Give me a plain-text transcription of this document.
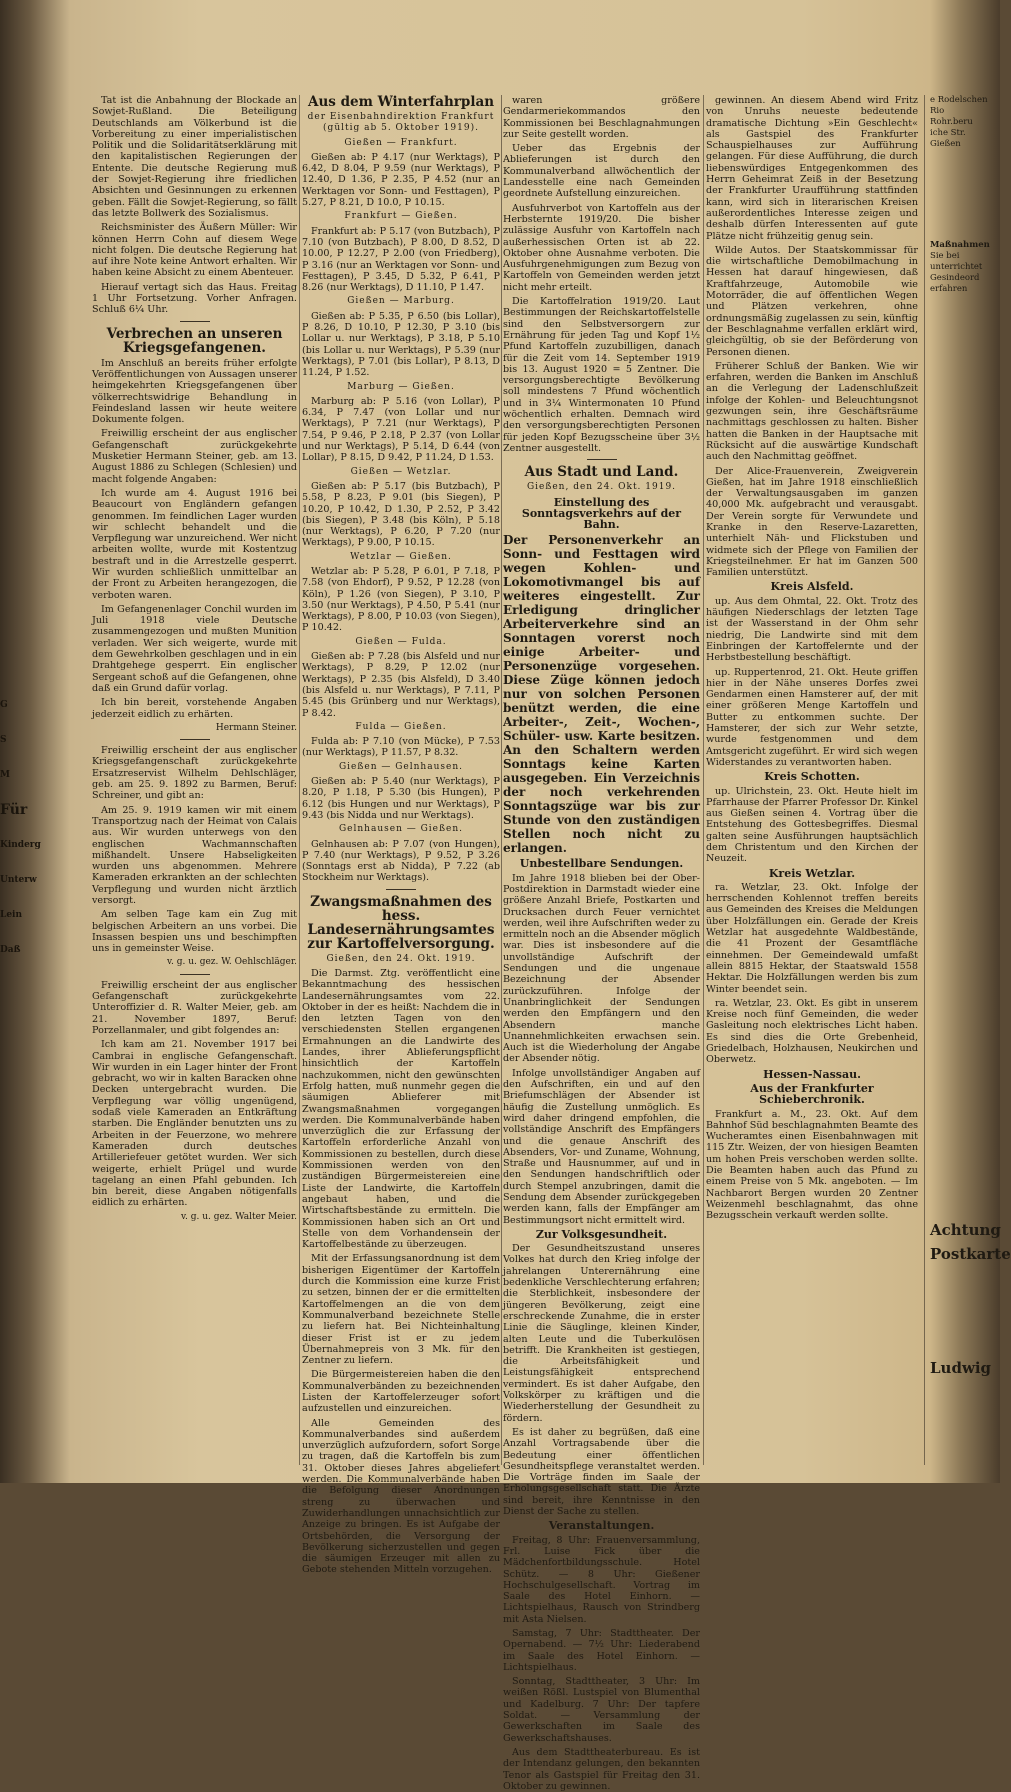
G
S
M
Für
Kinderg
Unterw
Lein
Daß

Tat ist die Anbahnung der Blockade an Sowjet-Rußland. Die Beteiligung Deutschlands am Völkerbund ist die Vorbereitung zu einer imperialistischen Politik und die Solidaritätserklärung mit den kapitalistischen Regierungen der Entente. Die deutsche Regierung muß der Sowjet-Regierung ihre friedlichen Absichten und Gesinnungen zu erkennen geben. Fällt die Sowjet-Regierung, so fällt das letzte Bollwerk des Sozialismus.

Reichsminister des Äußern Müller: Wir können Herrn Cohn auf diesem Wege nicht folgen. Die deutsche Regierung hat auf ihre Note keine Antwort erhalten. Wir haben keine Absicht zu einem Abenteuer.

Hierauf vertagt sich das Haus. Freitag 1 Uhr Fortsetzung. Vorher Anfragen. Schluß 6¼ Uhr.

Verbrechen an unseren Kriegsgefangenen.

Im Anschluß an bereits früher erfolgte Veröffentlichungen von Aussagen unserer heimgekehrten Kriegsgefangenen über völkerrechtswidrige Behandlung in Feindesland lassen wir heute weitere Dokumente folgen.

Freiwillig erscheint der aus englischer Gefangenschaft zurückgekehrte Musketier Hermann Steiner, geb. am 13. August 1886 zu Schlegen (Schlesien) und macht folgende Angaben:

Ich wurde am 4. August 1916 bei Beaucourt von Engländern gefangen genommen. Im feindlichen Lager wurden wir schlecht behandelt und die Verpflegung war unzureichend. Wer nicht arbeiten wollte, wurde mit Kostentzug bestraft und in die Arrestzelle gesperrt. Wir wurden schließlich unmittelbar an der Front zu Arbeiten herangezogen, die verboten waren.

Im Gefangenenlager Conchil wurden im Juli 1918 viele Deutsche zusammengezogen und mußten Munition verladen. Wer sich weigerte, wurde mit dem Gewehrkolben geschlagen und in ein Drahtgehege gesperrt. Ein englischer Sergeant schoß auf die Gefangenen, ohne daß ein Grund dafür vorlag.

Ich bin bereit, vorstehende Angaben jederzeit eidlich zu erhärten.

Hermann Steiner.

Freiwillig erscheint der aus englischer Kriegsgefangenschaft zurückgekehrte Ersatzreservist Wilhelm Dehlschläger, geb. am 25. 9. 1892 zu Barmen, Beruf: Schreiner, und gibt an:

Am 25. 9. 1919 kamen wir mit einem Transportzug nach der Heimat von Calais aus. Wir wurden unterwegs von den englischen Wachmannschaften mißhandelt. Unsere Habseligkeiten wurden uns abgenommen. Mehrere Kameraden erkrankten an der schlechten Verpflegung und wurden nicht ärztlich versorgt.

Am selben Tage kam ein Zug mit belgischen Arbeitern an uns vorbei. Die Insassen bespien uns und beschimpften uns in gemeinster Weise.

v. g. u. gez. W. Oehlschläger.

Freiwillig erscheint der aus englischer Gefangenschaft zurückgekehrte Unteroffizier d. R. Walter Meier, geb. am 21. November 1897, Beruf: Porzellanmaler, und gibt folgendes an:

Ich kam am 21. November 1917 bei Cambrai in englische Gefangenschaft. Wir wurden in ein Lager hinter der Front gebracht, wo wir in kalten Baracken ohne Decken untergebracht wurden. Die Verpflegung war völlig ungenügend, sodaß viele Kameraden an Entkräftung starben. Die Engländer benutzten uns zu Arbeiten in der Feuerzone, wo mehrere Kameraden durch deutsches Artilleriefeuer getötet wurden. Wer sich weigerte, erhielt Prügel und wurde tagelang an einen Pfahl gebunden. Ich bin bereit, diese Angaben nötigenfalls eidlich zu erhärten.

v. g. u. gez. Walter Meier.

Aus dem Winterfahrplan

der Eisenbahndirektion Frankfurt (gültig ab 5. Oktober 1919).

Gießen — Frankfurt.

Gießen ab: P 4.17 (nur Werktags), P 6.42, D 8.04, P 9.59 (nur Werktags), P 12.40, D 1.36, P 2.35, P 4.52 (nur an Werktagen vor Sonn- und Festtagen), P 5.27, P 8.21, D 10.0, P 10.15.

Frankfurt — Gießen.

Frankfurt ab: P 5.17 (von Butzbach), P 7.10 (von Butzbach), P 8.00, D 8.52, D 10.00, P 12.27, P 2.00 (von Friedberg), P 3.16 (nur an Werktagen vor Sonn- und Festtagen), P 3.45, D 5.32, P 6.41, P 8.26 (nur Werktags), D 11.10, P 1.47.

Gießen — Marburg.

Gießen ab: P 5.35, P 6.50 (bis Lollar), P 8.26, D 10.10, P 12.30, P 3.10 (bis Lollar u. nur Werktags), P 3.18, P 5.10 (bis Lollar u. nur Werktags), P 5.39 (nur Werktags), P 7.01 (bis Lollar), P 8.13, D 11.24, P 1.52.

Marburg — Gießen.

Marburg ab: P 5.16 (von Lollar), P 6.34, P 7.47 (von Lollar und nur Werktags), P 7.21 (nur Werktags), P 7.54, P 9.46, P 2.18, P 2.37 (von Lollar und nur Werktags), P 5.14, D 6.44 (von Lollar), P 8.15, D 9.42, P 11.24, D 1.53.

Gießen — Wetzlar.

Gießen ab: P 5.17 (bis Butzbach), P 5.58, P 8.23, P 9.01 (bis Siegen), P 10.20, P 10.42, D 1.30, P 2.52, P 3.42 (bis Siegen), P 3.48 (bis Köln), P 5.18 (nur Werktags), P 6.20, P 7.20 (nur Werktags), P 9.00, P 10.15.

Wetzlar — Gießen.

Wetzlar ab: P 5.28, P 6.01, P 7.18, P 7.58 (von Ehdorf), P 9.52, P 12.28 (von Köln), P 1.26 (von Siegen), P 3.10, P 3.50 (nur Werktags), P 4.50, P 5.41 (nur Werktags), P 8.00, P 10.03 (von Siegen), P 10.42.

Gießen — Fulda.

Gießen ab: P 7.28 (bis Alsfeld und nur Werktags), P 8.29, P 12.02 (nur Werktags), P 2.35 (bis Alsfeld), D 3.40 (bis Alsfeld u. nur Werktags), P 7.11, P 5.45 (bis Grünberg und nur Werktags), P 8.42.

Fulda — Gießen.

Fulda ab: P 7.10 (von Mücke), P 7.53 (nur Werktags), P 11.57, P 8.32.

Gießen — Gelnhausen.

Gießen ab: P 5.40 (nur Werktags), P 8.20, P 1.18, P 5.30 (bis Hungen), P 6.12 (bis Hungen und nur Werktags), P 9.43 (bis Nidda und nur Werktags).

Gelnhausen — Gießen.

Gelnhausen ab: P 7.07 (von Hungen), P 7.40 (nur Werktags), P 9.52, P 3.26 (Sonntags erst ab Nidda), P 7.22 (ab Stockheim nur Werktags).

Zwangsmaßnahmen des hess. Landesernährungsamtes zur Kartoffelversorgung.

Gießen, den 24. Okt. 1919.

Die Darmst. Ztg. veröffentlicht eine Bekanntmachung des hessischen Landesernährungsamtes vom 22. Oktober in der es heißt: Nachdem die in den letzten Tagen von den verschiedensten Stellen ergangenen Ermahnungen an die Landwirte des Landes, ihrer Ablieferungspflicht hinsichtlich der Kartoffeln nachzukommen, nicht den gewünschten Erfolg hatten, muß nunmehr gegen die säumigen Ablieferer mit Zwangsmaßnahmen vorgegangen werden. Die Kommunalverbände haben unverzüglich die zur Erfassung der Kartoffeln erforderliche Anzahl von Kommissionen zu bestellen, durch diese Kommissionen werden von den zuständigen Bürgermeistereien eine Liste der Landwirte, die Kartoffeln angebaut haben, und die Wirtschaftsbestände zu ermitteln. Die Kommissionen haben sich an Ort und Stelle von dem Vorhandensein der Kartoffelbestände zu überzeugen.

Mit der Erfassungsanordnung ist dem bisherigen Eigentümer der Kartoffeln durch die Kommission eine kurze Frist zu setzen, binnen der er die ermittelten Kartoffelmengen an die von dem Kommunalverband bezeichnete Stelle zu liefern hat. Bei Nichteinhaltung dieser Frist ist er zu jedem Übernahmepreis von 3 Mk. für den Zentner zu liefern.

Die Bürgermeistereien haben die den Kommunalverbänden zu bezeichnenden Listen der Kartoffelerzeuger sofort aufzustellen und einzureichen.

Alle Gemeinden des Kommunalverbandes sind außerdem unverzüglich aufzufordern, sofort Sorge zu tragen, daß die Kartoffeln bis zum 31. Oktober dieses Jahres abgeliefert werden. Die Kommunalverbände haben die Befolgung dieser Anordnungen streng zu überwachen und Zuwiderhandlungen unnachsichtlich zur Anzeige zu bringen. Es ist Aufgabe der Ortsbehörden, die Versorgung der Bevölkerung sicherzustellen und gegen die säumigen Erzeuger mit allen zu Gebote stehenden Mitteln vorzugehen.

waren größere Gendarmeriekommandos den Kommissionen bei Beschlagnahmungen zur Seite gestellt worden.

Ueber das Ergebnis der Ablieferungen ist durch den Kommunalverband allwöchentlich der Landesstelle eine nach Gemeinden geordnete Aufstellung einzureichen.

Ausfuhrverbot von Kartoffeln aus der Herbsternte 1919/20. Die bisher zulässige Ausfuhr von Kartoffeln nach außerhessischen Orten ist ab 22. Oktober ohne Ausnahme verboten. Die Ausfuhrgenehmigungen zum Bezug von Kartoffeln von Gemeinden werden jetzt nicht mehr erteilt.

Die Kartoffelration 1919/20. Laut Bestimmungen der Reichskartoffelstelle sind den Selbstversorgern zur Ernährung für jeden Tag und Kopf 1½ Pfund Kartoffeln zuzubilligen, danach für die Zeit vom 14. September 1919 bis 13. August 1920 = 5 Zentner. Die versorgungsberechtigte Bevölkerung soll mindestens 7 Pfund wöchentlich und in 3¼ Wintermonaten 10 Pfund wöchentlich erhalten. Demnach wird den versorgungsberechtigten Personen für jeden Kopf Bezugsscheine über 3½ Zentner ausgestellt.

Aus Stadt und Land.

Gießen, den 24. Okt. 1919.

Einstellung des Sonntagsverkehrs auf der Bahn.

Der Personenverkehr an Sonn- und Festtagen wird wegen Kohlen- und Lokomotivmangel bis auf weiteres eingestellt. Zur Erledigung dringlicher Arbeiterverkehre sind an Sonntagen vorerst noch einige Arbeiter- und Personenzüge vorgesehen. Diese Züge können jedoch nur von solchen Personen benützt werden, die eine Arbeiter-, Zeit-, Wochen-, Schüler- usw. Karte besitzen. An den Schaltern werden Sonntags keine Karten ausgegeben. Ein Verzeichnis der noch verkehrenden Sonntagszüge war bis zur Stunde von den zuständigen Stellen noch nicht zu erlangen.

Unbestellbare Sendungen.

Im Jahre 1918 blieben bei der Ober-Postdirektion in Darmstadt wieder eine größere Anzahl Briefe, Postkarten und Drucksachen durch Feuer vernichtet werden, weil ihre Aufschriften weder zu ermitteln noch an die Absender möglich war. Dies ist insbesondere auf die unvollständige Aufschrift der Sendungen und die ungenaue Bezeichnung der Absender zurückzuführen. Infolge der Unanbringlichkeit der Sendungen werden den Empfängern und den Absendern manche Unannehmlichkeiten erwachsen sein. Auch ist die Wiederholung der Angabe der Absender nötig.

Infolge unvollständiger Angaben auf den Aufschriften, ein und auf den Briefumschlägen der Absender ist häufig die Zustellung unmöglich. Es wird daher dringend empfohlen, die vollständige Anschrift des Empfängers und die genaue Anschrift des Absenders, Vor- und Zuname, Wohnung, Straße und Hausnummer, auf und in den Sendungen handschriftlich oder durch Stempel anzubringen, damit die Sendung dem Absender zurückgegeben werden kann, falls der Empfänger am Bestimmungsort nicht ermittelt wird.

Zur Volksgesundheit.

Der Gesundheitszustand unseres Volkes hat durch den Krieg infolge der jahrelangen Unterernährung eine bedenkliche Verschlechterung erfahren; die Sterblichkeit, insbesondere der jüngeren Bevölkerung, zeigt eine erschreckende Zunahme, die in erster Linie die Säuglinge, kleinen Kinder, alten Leute und die Tuberkulösen betrifft. Die Krankheiten ist gestiegen, die Arbeitsfähigkeit und Leistungsfähigkeit entsprechend vermindert. Es ist daher Aufgabe, den Volkskörper zu kräftigen und die Wiederherstellung der Gesundheit zu fördern.

Es ist daher zu begrüßen, daß eine Anzahl Vortragsabende über die Bedeutung einer öffentlichen Gesundheitspflege veranstaltet werden. Die Vorträge finden im Saale der Erholungsgesellschaft statt. Die Ärzte sind bereit, ihre Kenntnisse in den Dienst der Sache zu stellen.

Veranstaltungen.

Freitag, 8 Uhr: Frauenversammlung, Frl. Luise Fick über die Mädchenfortbildungsschule. Hotel Schütz. — 8 Uhr: Gießener Hochschulgesellschaft. Vortrag im Saale des Hotel Einhorn. — Lichtspielhaus, Rausch von Strindberg mit Asta Nielsen.

Samstag, 7 Uhr: Stadttheater. Der Opernabend. — 7½ Uhr: Liederabend im Saale des Hotel Einhorn. — Lichtspielhaus.

Sonntag, Stadttheater, 3 Uhr: Im weißen Rößl. Lustspiel von Blumenthal und Kadelburg. 7 Uhr: Der tapfere Soldat. — Versammlung der Gewerkschaften im Saale des Gewerkschaftshauses.

Aus dem Stadttheaterbureau. Es ist der Intendanz gelungen, den bekannten Tenor als Gastspiel für Freitag den 31. Oktober zu gewinnen.

gewinnen. An diesem Abend wird Fritz von Unruhs neueste bedeutende dramatische Dichtung »Ein Geschlecht« als Gastspiel des Frankfurter Schauspielhauses zur Aufführung gelangen. Für diese Aufführung, die durch liebenswürdiges Entgegenkommen des Herrn Geheimrat Zeiß in der Besetzung der Frankfurter Uraufführung stattfinden kann, wird sich in literarischen Kreisen außerordentliches Interesse zeigen und deshalb dürfen Interessenten auf gute Plätze nicht frühzeitig genug sein.

Wilde Autos. Der Staatskommissar für die wirtschaftliche Demobilmachung in Hessen hat darauf hingewiesen, daß Kraftfahrzeuge, Automobile wie Motorräder, die auf öffentlichen Wegen und Plätzen verkehren, ohne ordnungsmäßig zugelassen zu sein, künftig der Beschlagnahme verfallen erklärt wird, gleichgültig, ob sie der Beförderung von Personen dienen.

Früherer Schluß der Banken. Wie wir erfahren, werden die Banken im Anschluß an die Verlegung der Ladenschlußzeit infolge der Kohlen- und Beleuchtungsnot gezwungen sein, ihre Geschäftsräume nachmittags geschlossen zu halten. Bisher hatten die Banken in der Hauptsache mit Rücksicht auf die auswärtige Kundschaft auch den Nachmittag geöffnet.

Der Alice-Frauenverein, Zweigverein Gießen, hat im Jahre 1918 einschließlich der Verwaltungsausgaben im ganzen 40,000 Mk. aufgebracht und verausgabt. Der Verein sorgte für Verwundete und Kranke in den Reserve-Lazaretten, unterhielt Näh- und Flickstuben und widmete sich der Pflege von Familien der Kriegsteilnehmer. Er hat im Ganzen 500 Familien unterstützt.

Kreis Alsfeld.

up. Aus dem Ohmtal, 22. Okt. Trotz des häufigen Niederschlags der letzten Tage ist der Wasserstand in der Ohm sehr niedrig, Die Landwirte sind mit dem Einbringen der Kartoffelernte und der Herbstbestellung beschäftigt.

up. Ruppertenrod, 21. Okt. Heute griffen hier in der Nähe unseres Dorfes zwei Gendarmen einen Hamsterer auf, der mit einer größeren Menge Kartoffeln und Butter zu entkommen suchte. Der Hamsterer, der sich zur Wehr setzte, wurde festgenommen und dem Amtsgericht zugeführt. Er wird sich wegen Widerstandes zu verantworten haben.

Kreis Schotten.

up. Ulrichstein, 23. Okt. Heute hielt im Pfarrhause der Pfarrer Professor Dr. Kinkel aus Gießen seinen 4. Vortrag über die Entstehung des Gottesbegriffes. Diesmal galten seine Ausführungen hauptsächlich dem Christentum und den Kirchen der Neuzeit.

Kreis Wetzlar.

ra. Wetzlar, 23. Okt. Infolge der herrschenden Kohlennot treffen bereits aus Gemeinden des Kreises die Meldungen über Holzfällungen ein. Gerade der Kreis Wetzlar hat ausgedehnte Waldbestände, die 41 Prozent der Gesamtfläche einnehmen. Der Gemeindewald umfaßt allein 8815 Hektar, der Staatswald 1558 Hektar. Die Holzfällungen werden bis zum Winter beendet sein.

ra. Wetzlar, 23. Okt. Es gibt in unserem Kreise noch fünf Gemeinden, die weder Gasleitung noch elektrisches Licht haben. Es sind dies die Orte Grebenheid, Griedelbach, Holzhausen, Neukirchen und Oberwetz.

Hessen-Nassau.

Aus der Frankfurter Schieberchronik.

Frankfurt a. M., 23. Okt. Auf dem Bahnhof Süd beschlagnahmten Beamte des Wucheramtes einen Eisenbahnwagen mit 115 Ztr. Weizen, der von hiesigen Beamten um hohen Preis verschoben werden sollte. Die Beamten haben auch das Pfund zu einem Preise von 5 Mk. angeboten. — Im Nachbarort Bergen wurden 20 Zentner Weizenmehl beschlagnahmt, das ohne Bezugsschein verkauft werden sollte.

e Rodelschen
Rio
Rohr.beru
iche Str.
Gießen
Maßnahmen
Sie bei
unterrichtet
Gesindeord
erfahren
Achtung
Postkarte
Ludwig
